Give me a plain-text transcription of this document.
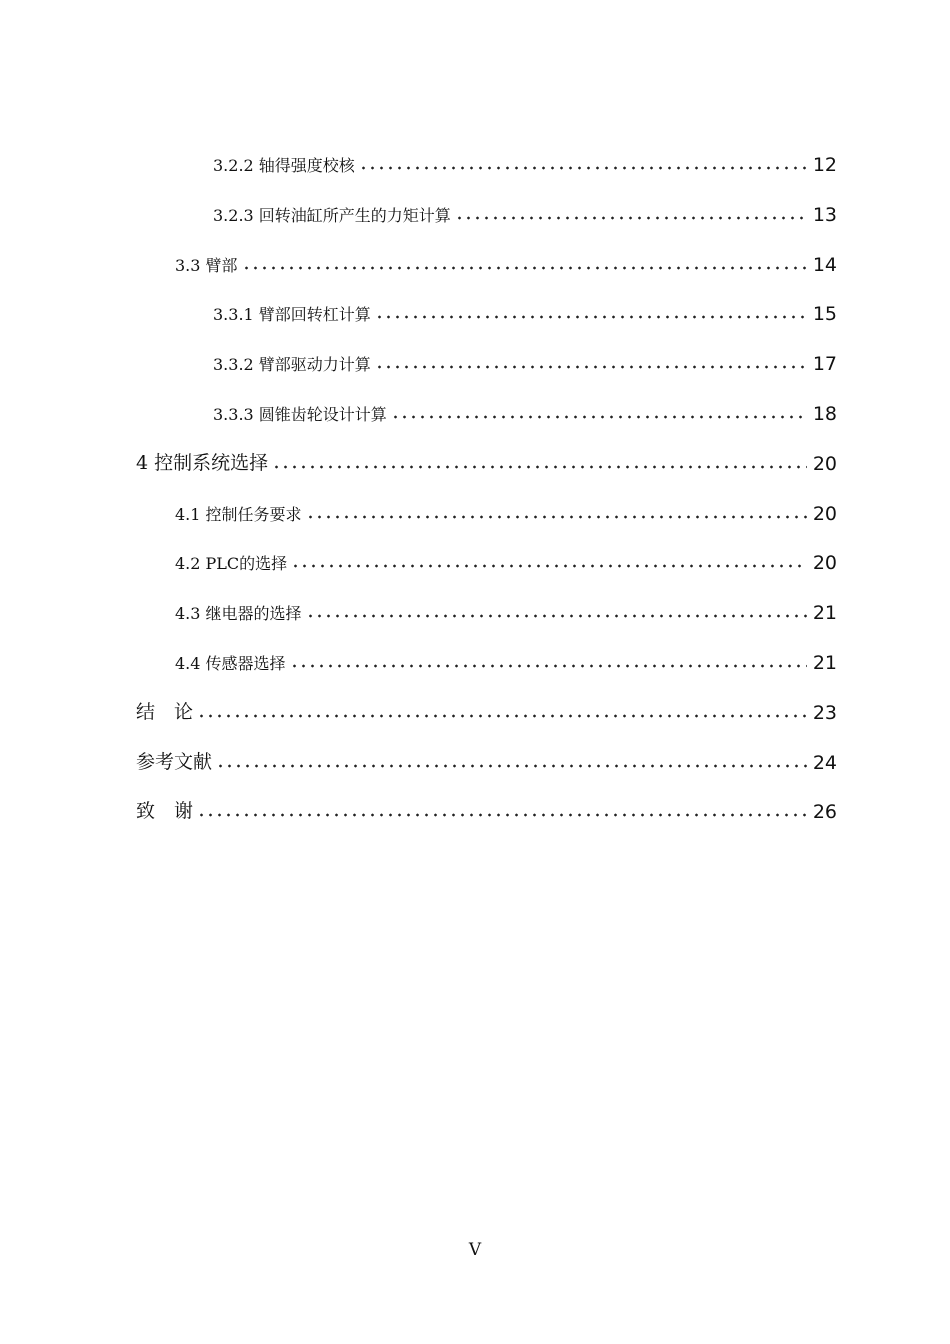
3.2.2 轴得强度校核	12
3.2.3 回转油缸所产生的力矩计算	13
3.3 臂部	14
3.3.1 臂部回转杠计算	15
3.3.2 臂部驱动力计算	17
3.3.3 圆锥齿轮设计计算	18
4 控制系统选择	20
4.1 控制任务要求	20
4.2 PLC的选择	20
4.3 继电器的选择	21
4.4 传感器选择	21
结　论	23
参考文献	24
致　谢	26
V
